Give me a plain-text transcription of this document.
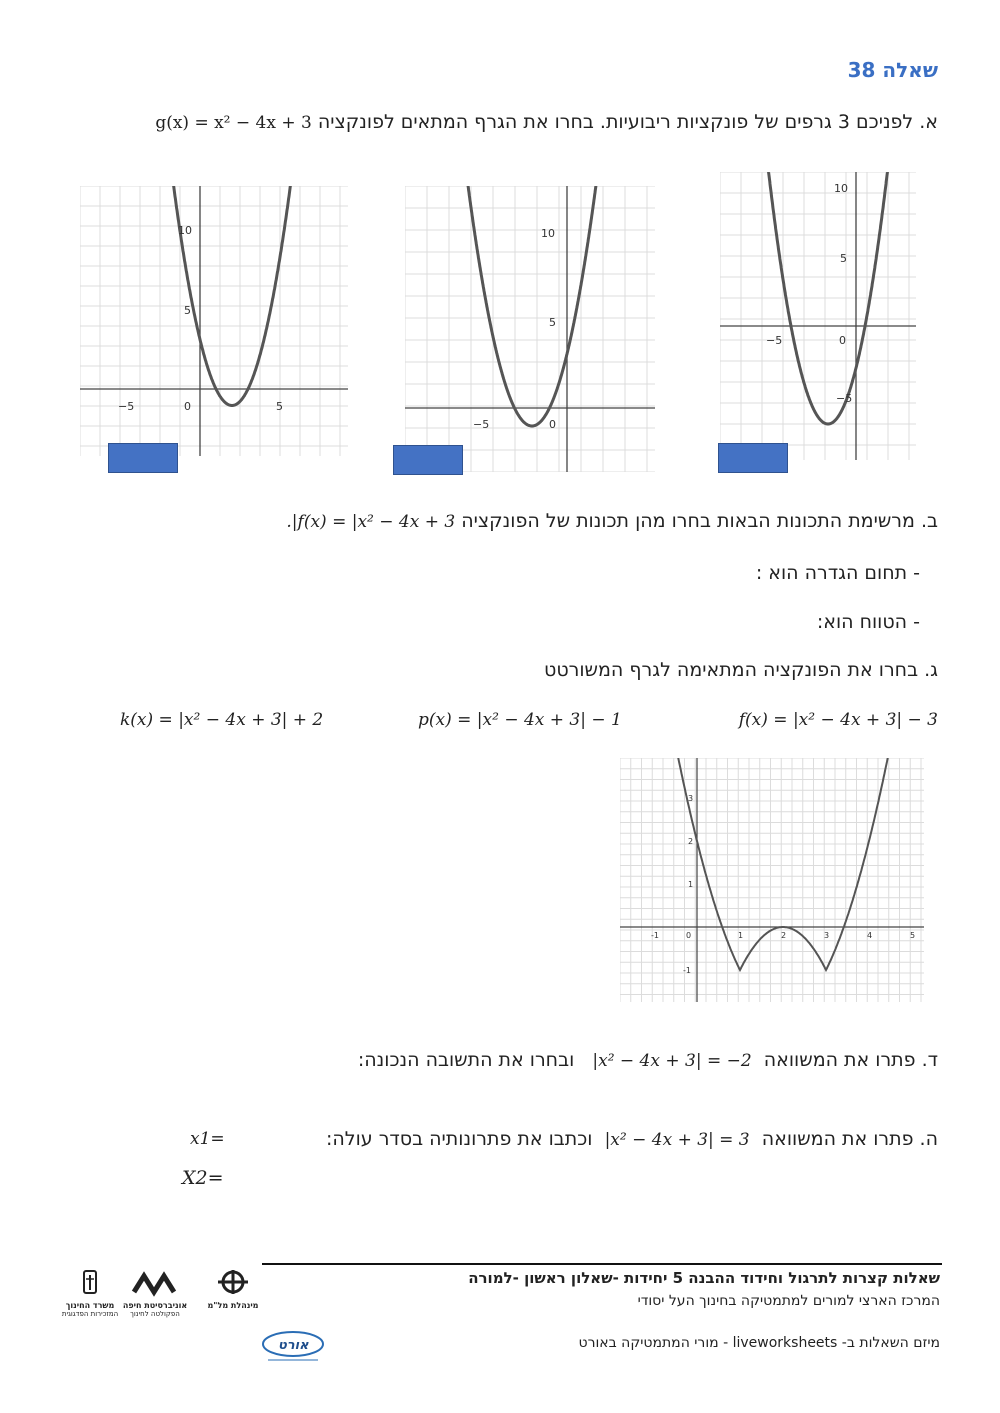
שאלה 38
א. לפניכם 3 גרפים של פונקציות ריבועיות. בחרו את הגרף המתאים לפונקציה g(x) = x² − 4x + 3
−5	0	5
10
5
−5	0
10
5
−5	0
10
5
−5
ב. מרשימת התכונות הבאות בחרו מהן תכונות של הפונקציה 𝑓(𝑥) = |𝑥² − 4𝑥 + 3|.
- תחום הגדרה הוא :
- הטווח הוא:
ג. בחרו את הפונקציה המתאימה לגרף המשורטט
𝑓(𝑥) = |𝑥² − 4𝑥 + 3| − 3
𝑝(𝑥) = |𝑥² − 4𝑥 + 3| − 1
𝑘(𝑥) = |𝑥² − 4𝑥 + 3| + 2
-1	0	1	2	3	4	5
3
2
1
-1
ד. פתרו את המשוואה  |𝑥² − 4𝑥 + 3| = −2   ובחרו את התשובה הנכונה:
ה. פתרו את המשוואה  |𝑥² − 4𝑥 + 3| = 3  וכתבו את פתרונותיה בסדר עולה:
x1=
X2=
שאלות קצרות לתרגול וחידוד ההבנה 5 יחידות -שאלון ראשון -למורה
המרכז הארצי למורים למתמטיקה בחינוך העל יסודי
מיזם השאלות ב- liveworksheets - מורי המתמטיקה באורט
משרד החינוך
המזכירות הפדגוגית
אוניברסיטת חיפה
הפקולטה לחינוך
מינהלת מל"מ
אורט
